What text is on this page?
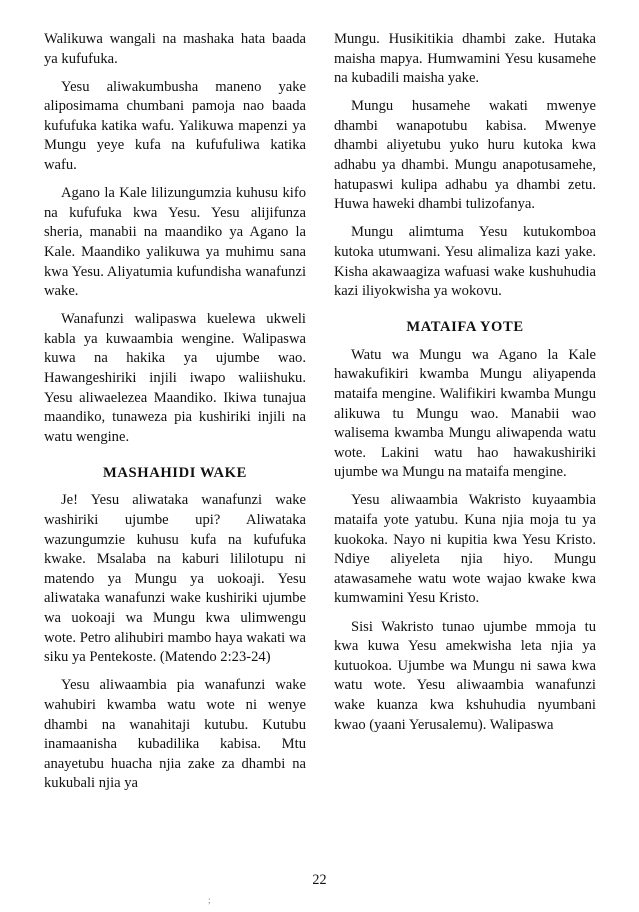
Walikuwa wangali na mashaka hata baada ya kufufuka.

Yesu aliwakumbusha maneno yake aliposimama chumbani pamoja nao baada kufufuka katika wafu. Yalikuwa mapenzi ya Mungu yeye kufa na kufufuliwa katika wafu.

Agano la Kale lilizungumzia kuhusu kifo na kufufuka kwa Yesu. Yesu alijifunza sheria, manabii na maandiko ya Agano la Kale. Maandiko yalikuwa ya muhimu sana kwa Yesu. Aliyatumia kufundisha wanafunzi wake.

Wanafunzi walipaswa kuelewa ukweli kabla ya kuwaambia wengine. Walipaswa kuwa na hakika ya ujumbe wao. Hawangeshiriki injili iwapo waliishuku. Yesu aliwaelezea Maandiko. Ikiwa tunajua maandiko, tunaweza pia kushiriki injili na watu wengine.

MASHAHIDI WAKE

Je! Yesu aliwataka wanafunzi wake washiriki ujumbe upi? Aliwataka wazungumzie kuhusu kufa na kufufuka kwake. Msalaba na kaburi lililotupu ni matendo ya Mungu ya uokoaji. Yesu aliwataka wanafunzi wake kushiriki ujumbe wa uokoaji wa Mungu kwa ulimwengu wote. Petro alihubiri mambo haya wakati wa siku ya Pentekoste. (Matendo 2:23-24)

Yesu aliwaambia pia wanafunzi wake wahubiri kwamba watu wote ni wenye dhambi na wanahitaji kutubu. Kutubu inamaanisha kubadilika kabisa. Mtu anayetubu huacha njia zake za dhambi na kukubali njia ya

Mungu. Husikitikia dhambi zake. Hutaka maisha mapya. Humwamini Yesu kusamehe na kubadili maisha yake.

Mungu husamehe wakati mwenye dhambi wanapotubu kabisa. Mwenye dhambi aliyetubu yuko huru kutoka kwa adhabu ya dhambi. Mungu anapotusamehe, hatupaswi kulipa adhabu ya dhambi zetu. Huwa haweki dhambi tulizofanya.

Mungu alimtuma Yesu kutukomboa kutoka utumwani. Yesu alimaliza kazi yake. Kisha akawaagiza wafuasi wake kushuhudia kazi iliyokwisha ya wokovu.

MATAIFA YOTE

Watu wa Mungu wa Agano la Kale hawakufikiri kwamba Mungu aliyapenda mataifa mengine. Walifikiri kwamba Mungu alikuwa tu Mungu wao. Manabii wao walisema kwamba Mungu aliwapenda watu wote. Lakini watu hao hawakushiriki ujumbe wa Mungu na mataifa mengine.

Yesu aliwaambia Wakristo kuyaambia mataifa yote yatubu. Kuna njia moja tu ya kuokoka. Nayo ni kupitia kwa Yesu Kristo. Ndiye aliyeleta njia hiyo. Mungu atawasamehe watu wote wajao kwake kwa kumwamini Yesu Kristo.

Sisi Wakristo tunao ujumbe mmoja tu kwa kuwa Yesu amekwisha leta njia ya kutuokoa. Ujumbe wa Mungu ni sawa kwa watu wote. Yesu aliwaambia wanafunzi wake kuanza kwa kshuhudia nyumbani kwao (yaani Yerusalemu). Walipaswa

22
;
